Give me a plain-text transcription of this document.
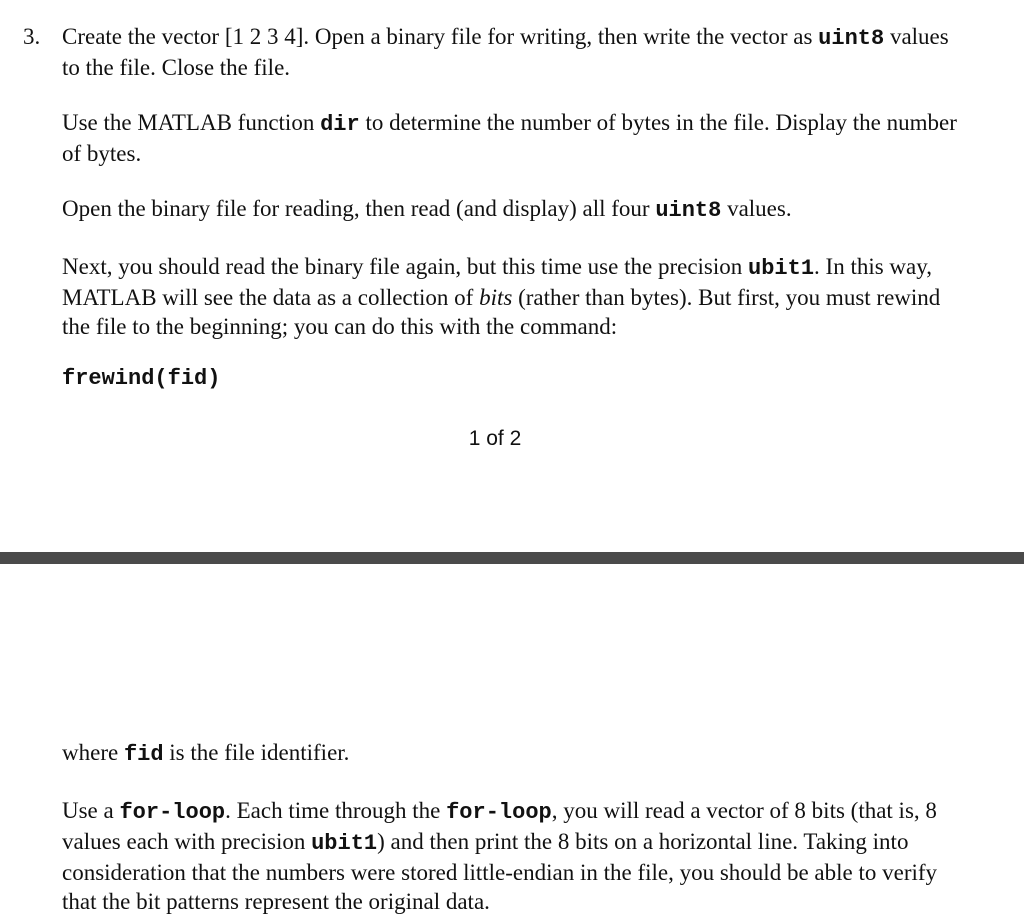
3. Create the vector [1 2 3 4]. Open a binary file for writing, then write the vector as uint8 values to the file. Close the file.

Use the MATLAB function dir to determine the number of bytes in the file. Display the number of bytes.

Open the binary file for reading, then read (and display) all four uint8 values.

Next, you should read the binary file again, but this time use the precision ubit1. In this way, MATLAB will see the data as a collection of bits (rather than bytes). But first, you must rewind the file to the beginning; you can do this with the command:

frewind(fid)
1 of 2

where fid is the file identifier.

Use a for-loop. Each time through the for-loop, you will read a vector of 8 bits (that is, 8 values each with precision ubit1) and then print the 8 bits on a horizontal line. Taking into consideration that the numbers were stored little-endian in the file, you should be able to verify that the bit patterns represent the original data.
